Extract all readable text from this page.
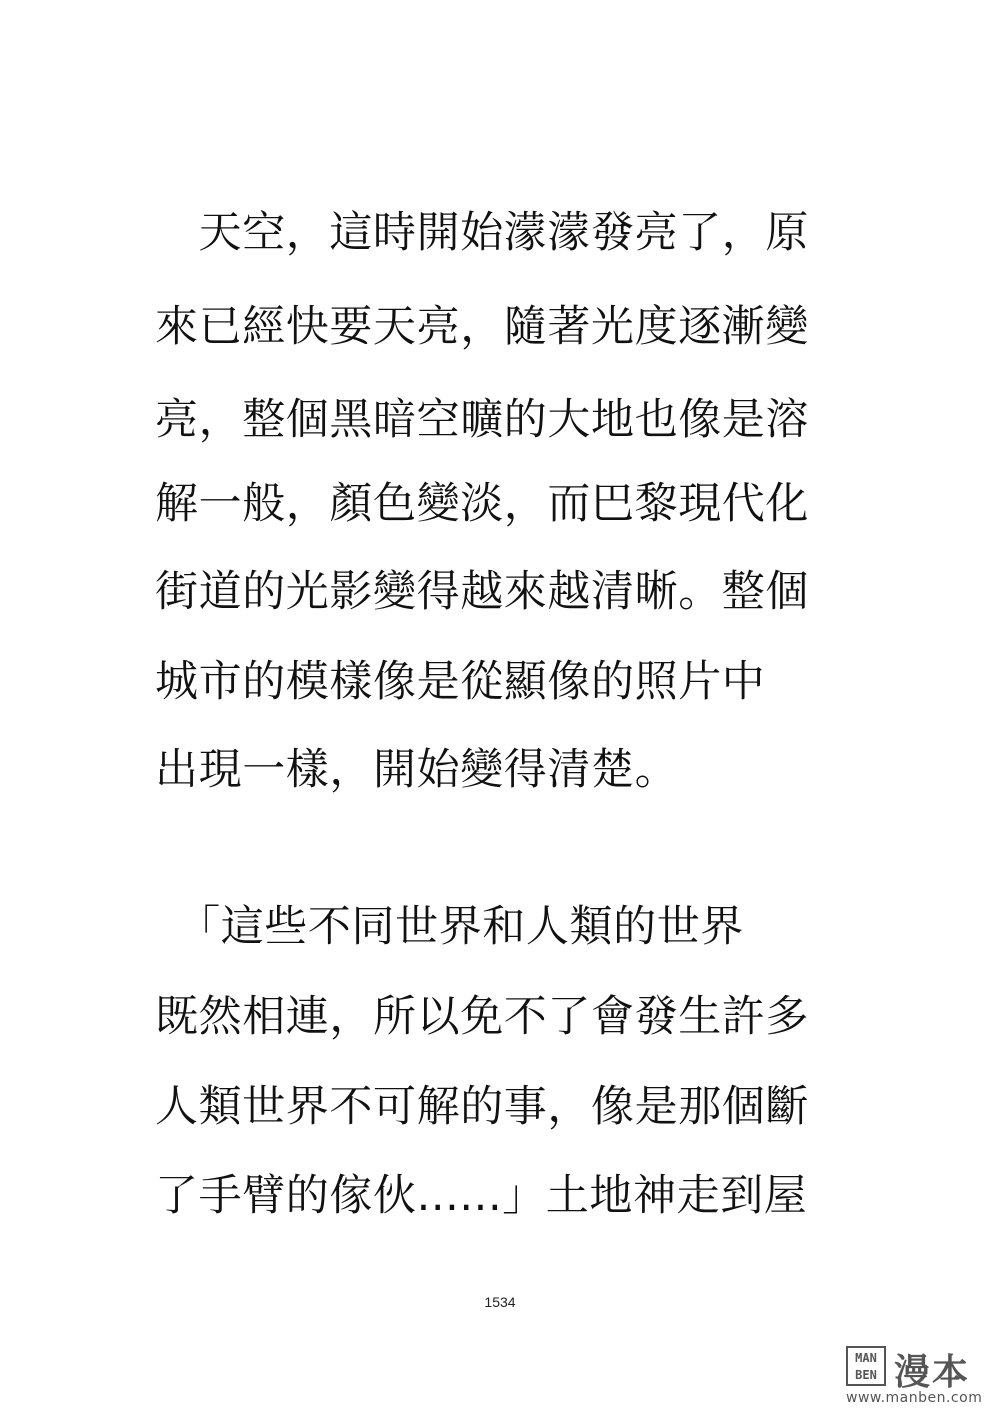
　天空，這時開始濛濛發亮了，原
來已經快要天亮，隨著光度逐漸變
亮，整個黑暗空曠的大地也像是溶
解一般，顏色變淡，而巴黎現代化
街道的光影變得越來越清晰。整個
城市的模樣像是從顯像的照片中
出現一樣，開始變得清楚。
　「這些不同世界和人類的世界
既然相連，所以免不了會發生許多
人類世界不可解的事，像是那個斷
了手臂的傢伙......」土地神走到屋
1534
MAN
BEN 漫本
www.manben.com
